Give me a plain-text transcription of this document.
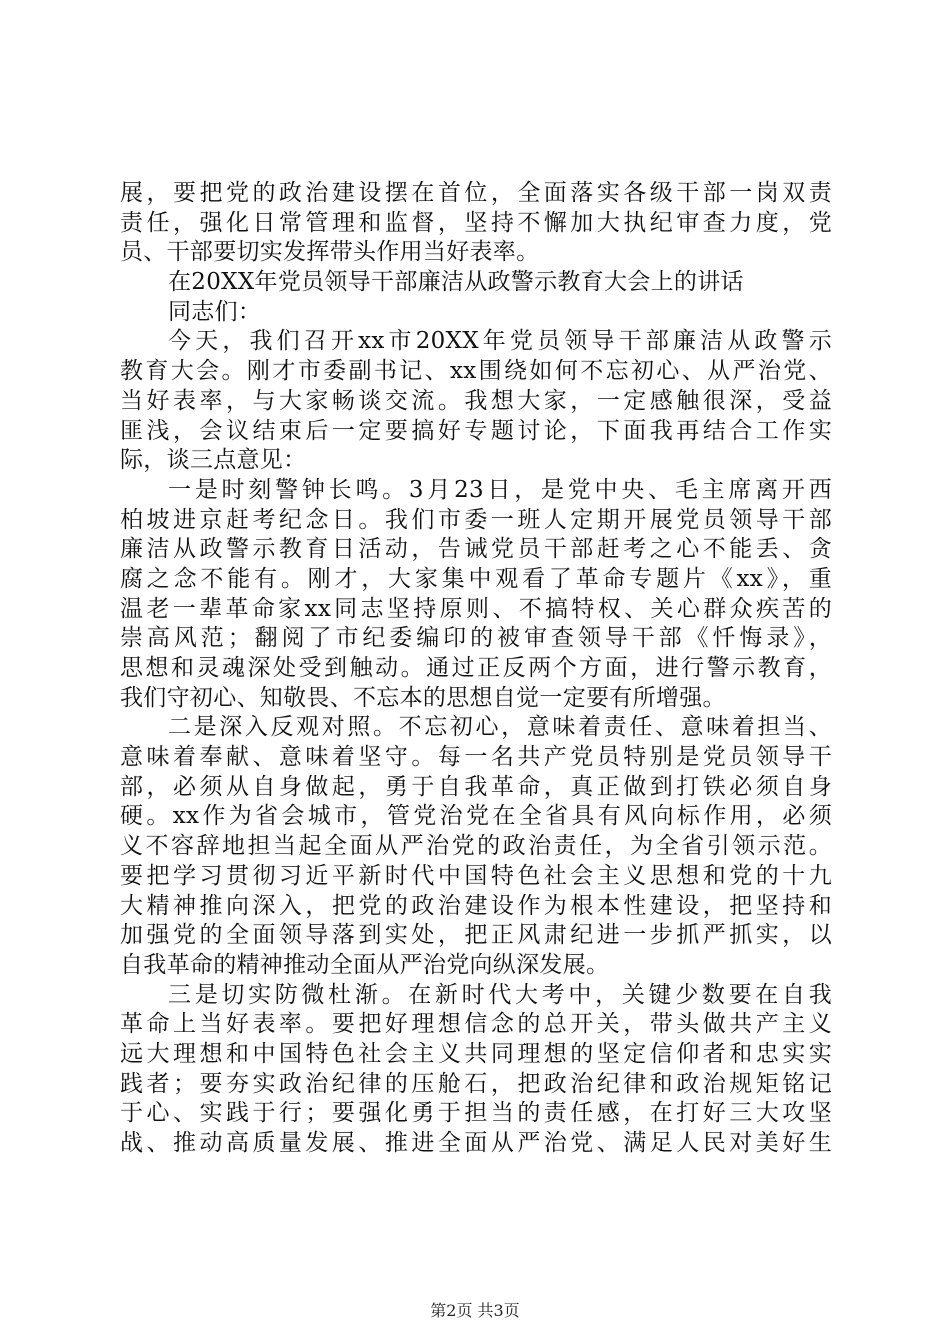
展，要把党的政治建设摆在首位，全面落实各级干部一岗双责
责任，强化日常管理和监督，坚持不懈加大执纪审查力度，党
员、干部要切实发挥带头作用当好表率。
在20XX年党员领导干部廉洁从政警示教育大会上的讲话
同志们：
今天，我们召开xx市20XX年党员领导干部廉洁从政警示
教育大会。刚才市委副书记、xx围绕如何不忘初心、从严治党、
当好表率，与大家畅谈交流。我想大家，一定感触很深，受益
匪浅，会议结束后一定要搞好专题讨论，下面我再结合工作实
际，谈三点意见：
一是时刻警钟长鸣。3月23日，是党中央、毛主席离开西
柏坡进京赶考纪念日。我们市委一班人定期开展党员领导干部
廉洁从政警示教育日活动，告诫党员干部赶考之心不能丢、贪
腐之念不能有。刚才，大家集中观看了革命专题片《xx》，重
温老一辈革命家xx同志坚持原则、不搞特权、关心群众疾苦的
崇高风范；翻阅了市纪委编印的被审查领导干部《忏悔录》，
思想和灵魂深处受到触动。通过正反两个方面，进行警示教育，
我们守初心、知敬畏、不忘本的思想自觉一定要有所增强。
二是深入反观对照。不忘初心，意味着责任、意味着担当、
意味着奉献、意味着坚守。每一名共产党员特别是党员领导干
部，必须从自身做起，勇于自我革命，真正做到打铁必须自身
硬。xx作为省会城市，管党治党在全省具有风向标作用，必须
义不容辞地担当起全面从严治党的政治责任，为全省引领示范。
要把学习贯彻习近平新时代中国特色社会主义思想和党的十九
大精神推向深入，把党的政治建设作为根本性建设，把坚持和
加强党的全面领导落到实处，把正风肃纪进一步抓严抓实，以
自我革命的精神推动全面从严治党向纵深发展。
三是切实防微杜渐。在新时代大考中，关键少数要在自我
革命上当好表率。要把好理想信念的总开关，带头做共产主义
远大理想和中国特色社会主义共同理想的坚定信仰者和忠实实
践者；要夯实政治纪律的压舱石，把政治纪律和政治规矩铭记
于心、实践于行；要强化勇于担当的责任感，在打好三大攻坚
战、推动高质量发展、推进全面从严治党、满足人民对美好生
第2页 共3页
